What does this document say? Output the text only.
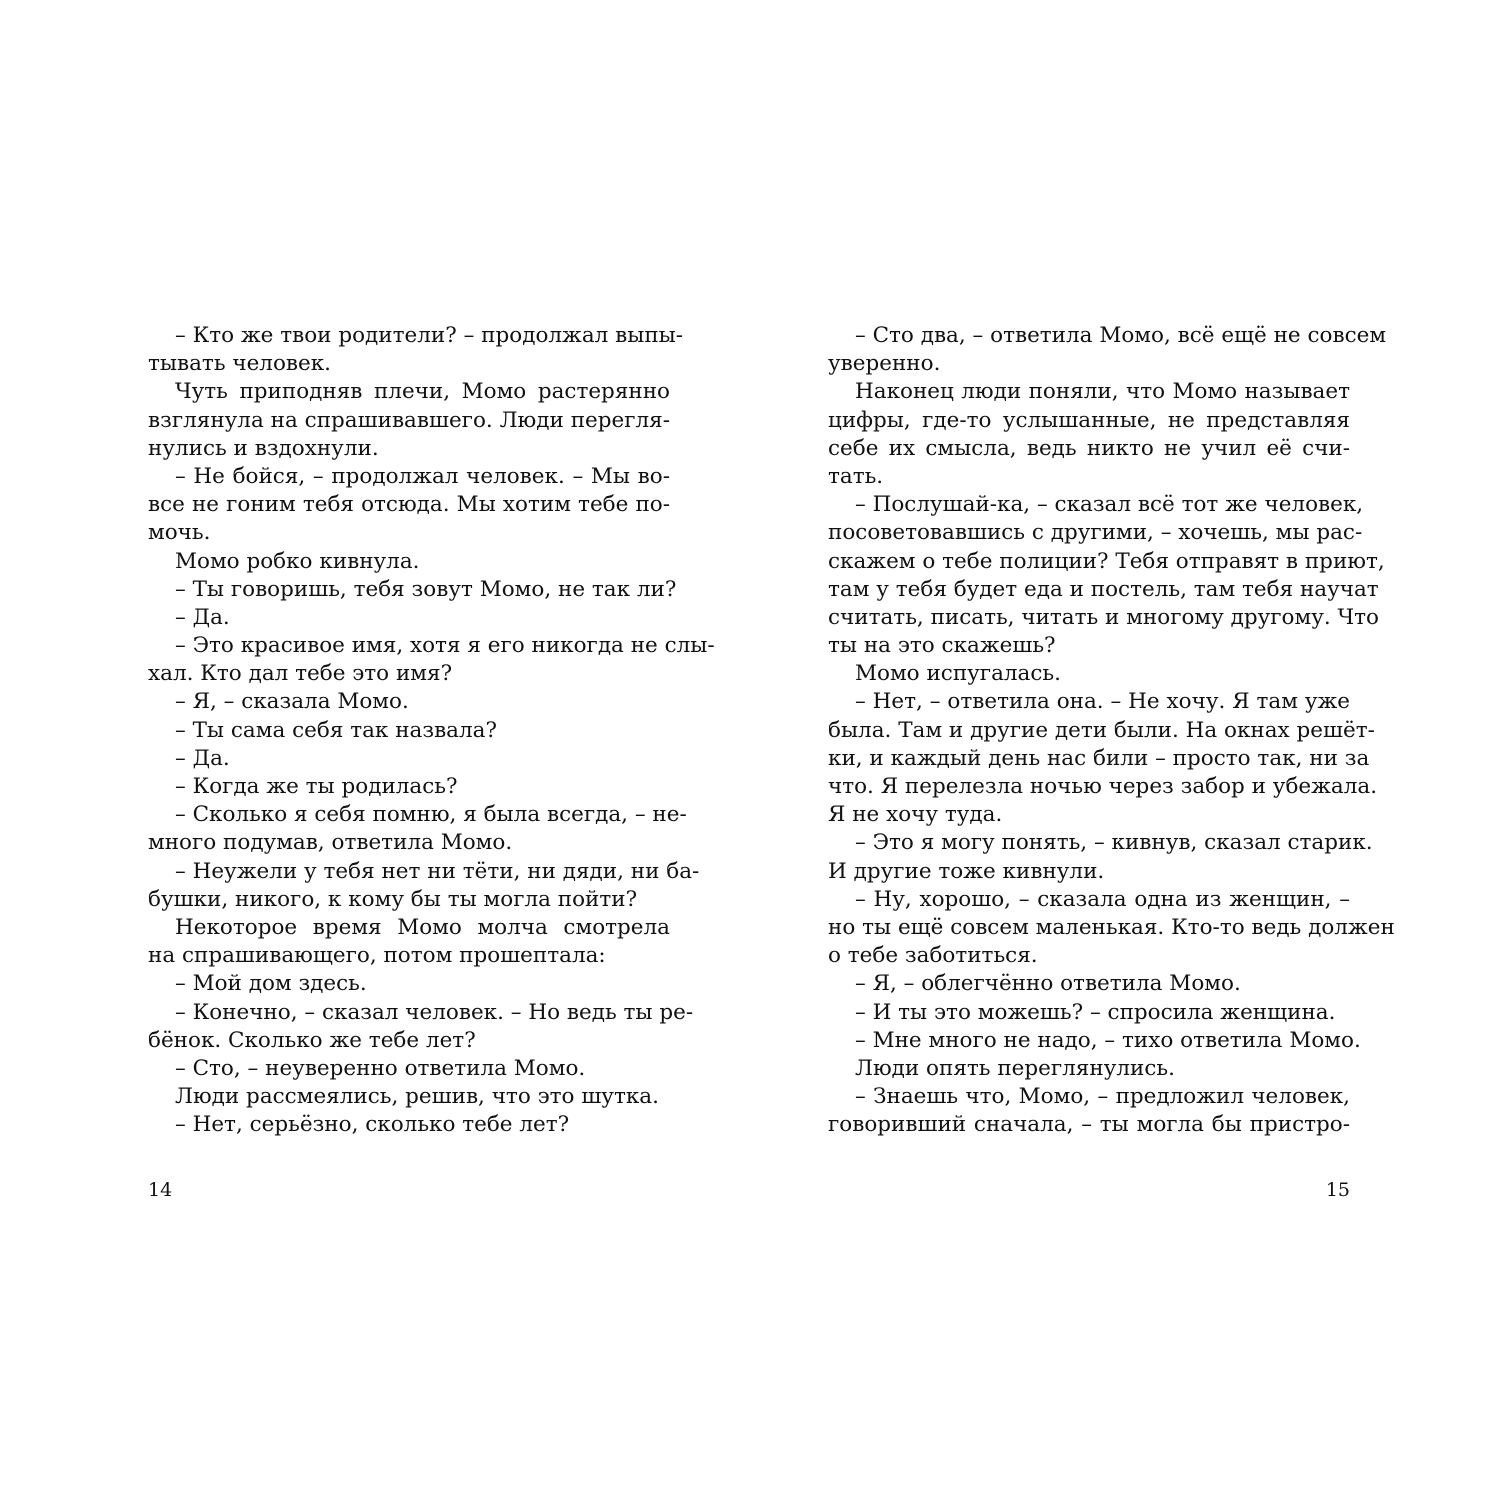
– Кто же твои родители? – продолжал выпы-
тывать человек.
Чуть приподняв плечи, Момо растерянно
взглянула на спрашивавшего. Люди перегля-
нулись и вздохнули.
– Не бойся, – продолжал человек. – Мы во-
все не гоним тебя отсюда. Мы хотим тебе по-
мочь.
Момо робко кивнула.
– Ты говоришь, тебя зовут Момо, не так ли?
– Да.
– Это красивое имя, хотя я его никогда не слы-
хал. Кто дал тебе это имя?
– Я, – сказала Момо.
– Ты сама себя так назвала?
– Да.
– Когда же ты родилась?
– Сколько я себя помню, я была всегда, – не-
много подумав, ответила Момо.
– Неужели у тебя нет ни тёти, ни дяди, ни ба-
бушки, никого, к кому бы ты могла пойти?
Некоторое время Момо молча смотрела
на спрашивающего, потом прошептала:
– Мой дом здесь.
– Конечно, – сказал человек. – Но ведь ты ре-
бёнок. Сколько же тебе лет?
– Сто, – неуверенно ответила Момо.
Люди рассмеялись, решив, что это шутка.
– Нет, серьёзно, сколько тебе лет?
14
– Сто два, – ответила Момо, всё ещё не совсем
уверенно.
Наконец люди поняли, что Момо называет
цифры, где-то услышанные, не представляя
себе их смысла, ведь никто не учил её счи-
тать.
– Послушай-ка, – сказал всё тот же человек,
посоветовавшись с другими, – хочешь, мы рас-
скажем о тебе полиции? Тебя отправят в приют,
там у тебя будет еда и постель, там тебя научат
считать, писать, читать и многому другому. Что
ты на это скажешь?
Момо испугалась.
– Нет, – ответила она. – Не хочу. Я там уже
была. Там и другие дети были. На окнах решёт-
ки, и каждый день нас били – просто так, ни за
что. Я перелезла ночью через забор и убежала.
Я не хочу туда.
– Это я могу понять, – кивнув, сказал старик.
И другие тоже кивнули.
– Ну, хорошо, – сказала одна из женщин, –
но ты ещё совсем маленькая. Кто-то ведь должен
о тебе заботиться.
– Я, – облегчённо ответила Момо.
– И ты это можешь? – спросила женщина.
– Мне много не надо, – тихо ответила Момо.
Люди опять переглянулись.
– Знаешь что, Момо, – предложил человек,
говоривший сначала, – ты могла бы пристро-
15
